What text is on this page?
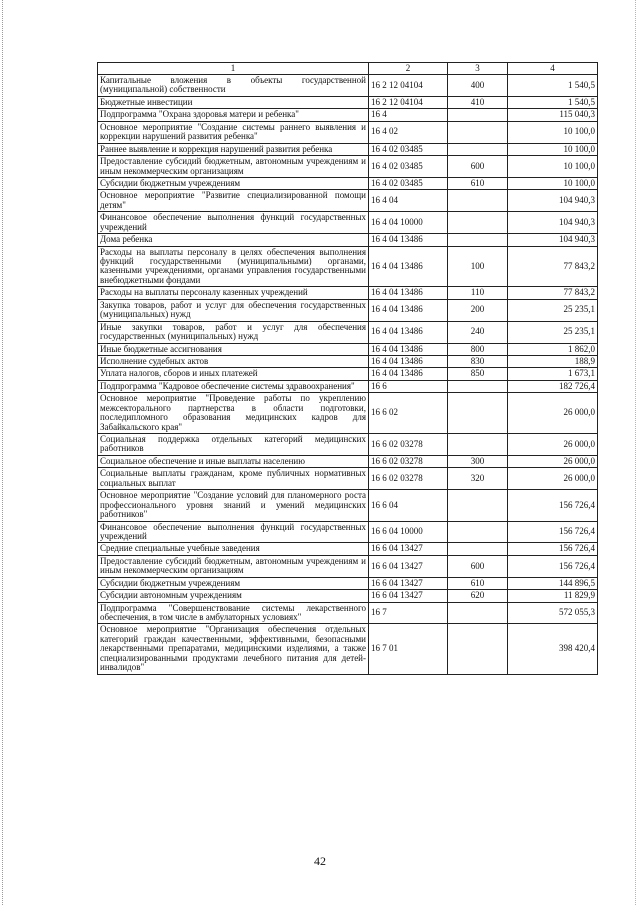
1	2	3	4
Капитальные вложения в объекты государственной (муниципальной) собственности	16 2 12 04104	400	1 540,5
Бюджетные инвестиции	16 2 12 04104	410	1 540,5
Подпрограмма "Охрана здоровья матери и ребенка"	16 4		115 040,3
Основное мероприятие "Создание системы раннего выявления и коррекции нарушений развития ребенка"	16 4 02		10 100,0
Раннее выявление и коррекция нарушений развития ребенка	16 4 02 03485		10 100,0
Предоставление субсидий бюджетным, автономным учреждениям и иным некоммерческим организациям	16 4 02 03485	600	10 100,0
Субсидии бюджетным учреждениям	16 4 02 03485	610	10 100,0
Основное мероприятие "Развитие специализированной помощи детям"	16 4 04		104 940,3
Финансовое обеспечение выполнения функций государственных учреждений	16 4 04 10000		104 940,3
Дома ребенка	16 4 04 13486		104 940,3
Расходы на выплаты персоналу в целях обеспечения выполнения функций государственными (муниципальными) органами, казенными учреждениями, органами управления государственными внебюджетными фондами	16 4 04 13486	100	77 843,2
Расходы на выплаты персоналу казенных учреждений	16 4 04 13486	110	77 843,2
Закупка товаров, работ и услуг для обеспечения государственных (муниципальных) нужд	16 4 04 13486	200	25 235,1
Иные закупки товаров, работ и услуг для обеспечения государственных (муниципальных) нужд	16 4 04 13486	240	25 235,1
Иные бюджетные ассигнования	16 4 04 13486	800	1 862,0
Исполнение судебных актов	16 4 04 13486	830	188,9
Уплата налогов, сборов и иных платежей	16 4 04 13486	850	1 673,1
Подпрограмма "Кадровое обеспечение системы здравоохранения"	16 6		182 726,4
Основное мероприятие "Проведение работы по укреплению межсекторального партнерства в области подготовки, последипломного образования медицинских кадров для Забайкальского края"	16 6 02		26 000,0
Социальная поддержка отдельных категорий медицинских работников	16 6 02 03278		26 000,0
Социальное обеспечение и иные выплаты населению	16 6 02 03278	300	26 000,0
Социальные выплаты гражданам, кроме публичных нормативных социальных выплат	16 6 02 03278	320	26 000,0
Основное мероприятие "Создание условий для планомерного роста профессионального уровня знаний и умений медицинских работников"	16 6 04		156 726,4
Финансовое обеспечение выполнения функций государственных учреждений	16 6 04 10000		156 726,4
Средние специальные учебные заведения	16 6 04 13427		156 726,4
Предоставление субсидий бюджетным, автономным учреждениям и иным некоммерческим организациям	16 6 04 13427	600	156 726,4
Субсидии бюджетным учреждениям	16 6 04 13427	610	144 896,5
Субсидии автономным учреждениям	16 6 04 13427	620	11 829,9
Подпрограмма "Совершенствование системы лекарственного обеспечения, в том числе в амбулаторных условиях"	16 7		572 055,3
Основное мероприятие "Организация обеспечения отдельных категорий граждан качественными, эффективными, безопасными лекарственными препаратами, медицинскими изделиями, а также специализированными продуктами лечебного питания для детей-инвалидов"	16 7 01		398 420,4
42
